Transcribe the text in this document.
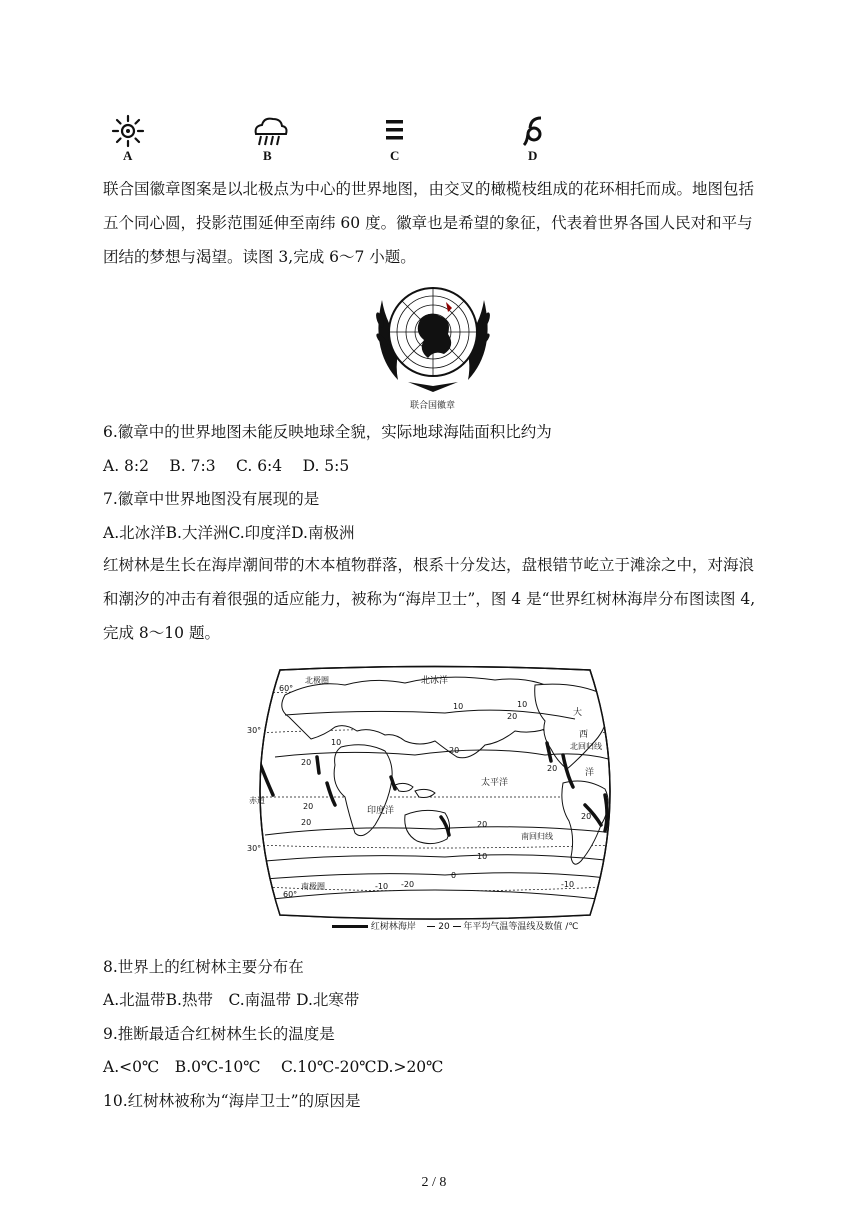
A	B	C	D
联合国徽章图案是以北极点为中心的世界地图，由交叉的橄榄枝组成的花环相托而成。地图包括五个同心圆，投影范围延伸至南纬 60 度。徽章也是希望的象征，代表着世界各国人民对和平与团结的梦想与渴望。读图 3,完成 6～7 小题。
联合国徽章
6.徽章中的世界地图未能反映地球全貌，实际地球海陆面积比约为
A. 8:2　 B. 7:3　 C. 6:4　 D. 5:5
7.徽章中世界地图没有展现的是
A.北冰洋B.大洋洲C.印度洋D.南极洲
红树林是生长在海岸潮间带的木本植物群落，根系十分发达，盘根错节屹立于滩涂之中，对海浪和潮汐的冲击有着很强的适应能力，被称为“海岸卫士”，图 4 是“世界红树林海岸分布图读图 4,完成 8～10 题。
北冰洋
太平洋
印度洋
大
西
洋
北回归线
南回归线
赤道
北极圈
南极圈
60°
30°
30°
60°
10
20
10
20
20
10
20
10
0
-10 -20	-10
20
20
20
20
红树林海岸 20 年平均气温等温线及数值 /℃
8.世界上的红树林主要分布在
A.北温带B.热带　C.南温带 D.北寒带
9.推断最适合红树林生长的温度是
A.<0℃　B.0℃-10℃　 C.10℃-20℃D.>20℃
10.红树林被称为“海岸卫士”的原因是
2 / 8
